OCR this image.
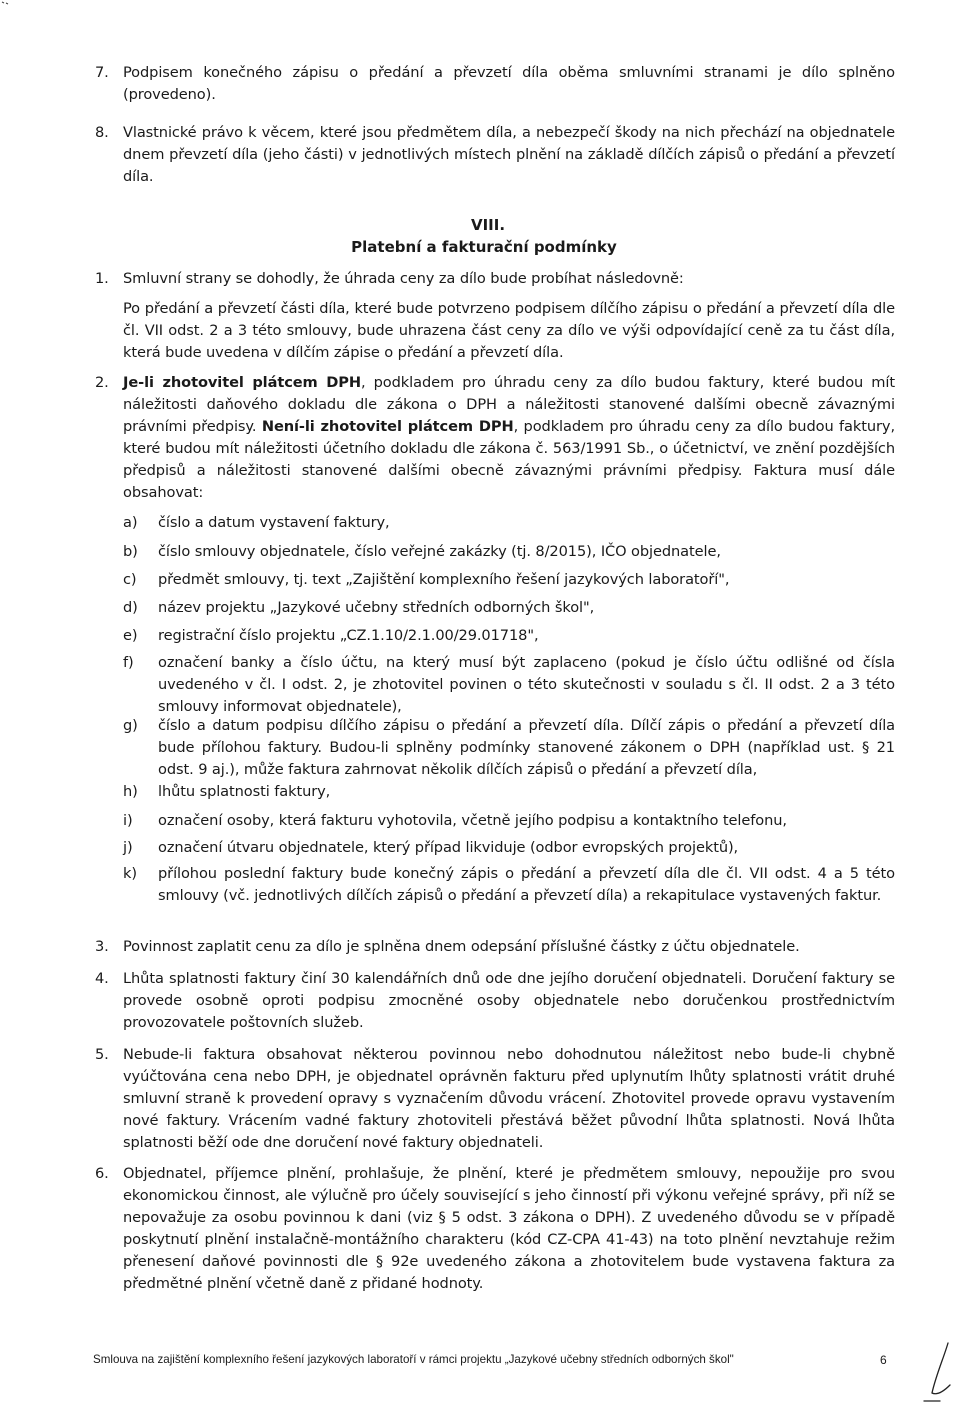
7. Podpisem konečného zápisu o předání a převzetí díla oběma smluvními stranami je dílo splněno (provedeno).
8. Vlastnické právo k věcem, které jsou předmětem díla, a nebezpečí škody na nich přechází na objednatele dnem převzetí díla (jeho části) v jednotlivých místech plnění na základě dílčích zápisů o předání a převzetí díla.
VIII.
Platební a fakturační podmínky
1. Smluvní strany se dohodly, že úhrada ceny za dílo bude probíhat následovně:
Po předání a převzetí části díla, které bude potvrzeno podpisem dílčího zápisu o předání a převzetí díla dle čl. VII odst. 2 a 3 této smlouvy, bude uhrazena část ceny za dílo ve výši odpovídající ceně za tu část díla, která bude uvedena v dílčím zápise o předání a převzetí díla.
2. Je-li zhotovitel plátcem DPH, podkladem pro úhradu ceny za dílo budou faktury, které budou mít náležitosti daňového dokladu dle zákona o DPH a náležitosti stanovené dalšími obecně závaznými právními předpisy. Není-li zhotovitel plátcem DPH, podkladem pro úhradu ceny za dílo budou faktury, které budou mít náležitosti účetního dokladu dle zákona č. 563/1991 Sb., o účetnictví, ve znění pozdějších předpisů a náležitosti stanovené dalšími obecně závaznými právními předpisy. Faktura musí dále obsahovat:
a) číslo a datum vystavení faktury,
b) číslo smlouvy objednatele, číslo veřejné zakázky (tj. 8/2015), IČO objednatele,
c) předmět smlouvy, tj. text „Zajištění komplexního řešení jazykových laboratoří",
d) název projektu „Jazykové učebny středních odborných škol",
e) registrační číslo projektu „CZ.1.10/2.1.00/29.01718",
f) označení banky a číslo účtu, na který musí být zaplaceno (pokud je číslo účtu odlišné od čísla uvedeného v čl. I odst. 2, je zhotovitel povinen o této skutečnosti v souladu s čl. II odst. 2 a 3 této smlouvy informovat objednatele),
g) číslo a datum podpisu dílčího zápisu o předání a převzetí díla. Dílčí zápis o předání a převzetí díla bude přílohou faktury. Budou-li splněny podmínky stanovené zákonem o DPH (například ust. § 21 odst. 9 aj.), může faktura zahrnovat několik dílčích zápisů o předání a převzetí díla,
h) lhůtu splatnosti faktury,
i) označení osoby, která fakturu vyhotovila, včetně jejího podpisu a kontaktního telefonu,
j) označení útvaru objednatele, který případ likviduje (odbor evropských projektů),
k) přílohou poslední faktury bude konečný zápis o předání a převzetí díla dle čl. VII odst. 4 a 5 této smlouvy (vč. jednotlivých dílčích zápisů o předání a převzetí díla) a rekapitulace vystavených faktur.
3. Povinnost zaplatit cenu za dílo je splněna dnem odepsání příslušné částky z účtu objednatele.
4. Lhůta splatnosti faktury činí 30 kalendářních dnů ode dne jejího doručení objednateli. Doručení faktury se provede osobně oproti podpisu zmocněné osoby objednatele nebo doručenkou prostřednictvím provozovatele poštovních služeb.
5. Nebude-li faktura obsahovat některou povinnou nebo dohodnutou náležitost nebo bude-li chybně vyúčtována cena nebo DPH, je objednatel oprávněn fakturu před uplynutím lhůty splatnosti vrátit druhé smluvní straně k provedení opravy s vyznačením důvodu vrácení. Zhotovitel provede opravu vystavením nové faktury. Vrácením vadné faktury zhotoviteli přestává běžet původní lhůta splatnosti. Nová lhůta splatnosti běží ode dne doručení nové faktury objednateli.
6. Objednatel, příjemce plnění, prohlašuje, že plnění, které je předmětem smlouvy, nepoužije pro svou ekonomickou činnost, ale výlučně pro účely související s jeho činností při výkonu veřejné správy, při níž se nepovažuje za osobu povinnou k dani (viz § 5 odst. 3 zákona o DPH). Z uvedeného důvodu se v případě poskytnutí plnění instalačně-montážního charakteru (kód CZ-CPA 41-43) na toto plnění nevztahuje režim přenesení daňové povinnosti dle § 92e uvedeného zákona a zhotovitelem bude vystavena faktura za předmětné plnění včetně daně z přidané hodnoty.
Smlouva na zajištění komplexního řešení jazykových laboratoří v rámci projektu „Jazykové učebny středních odborných škol"	6
